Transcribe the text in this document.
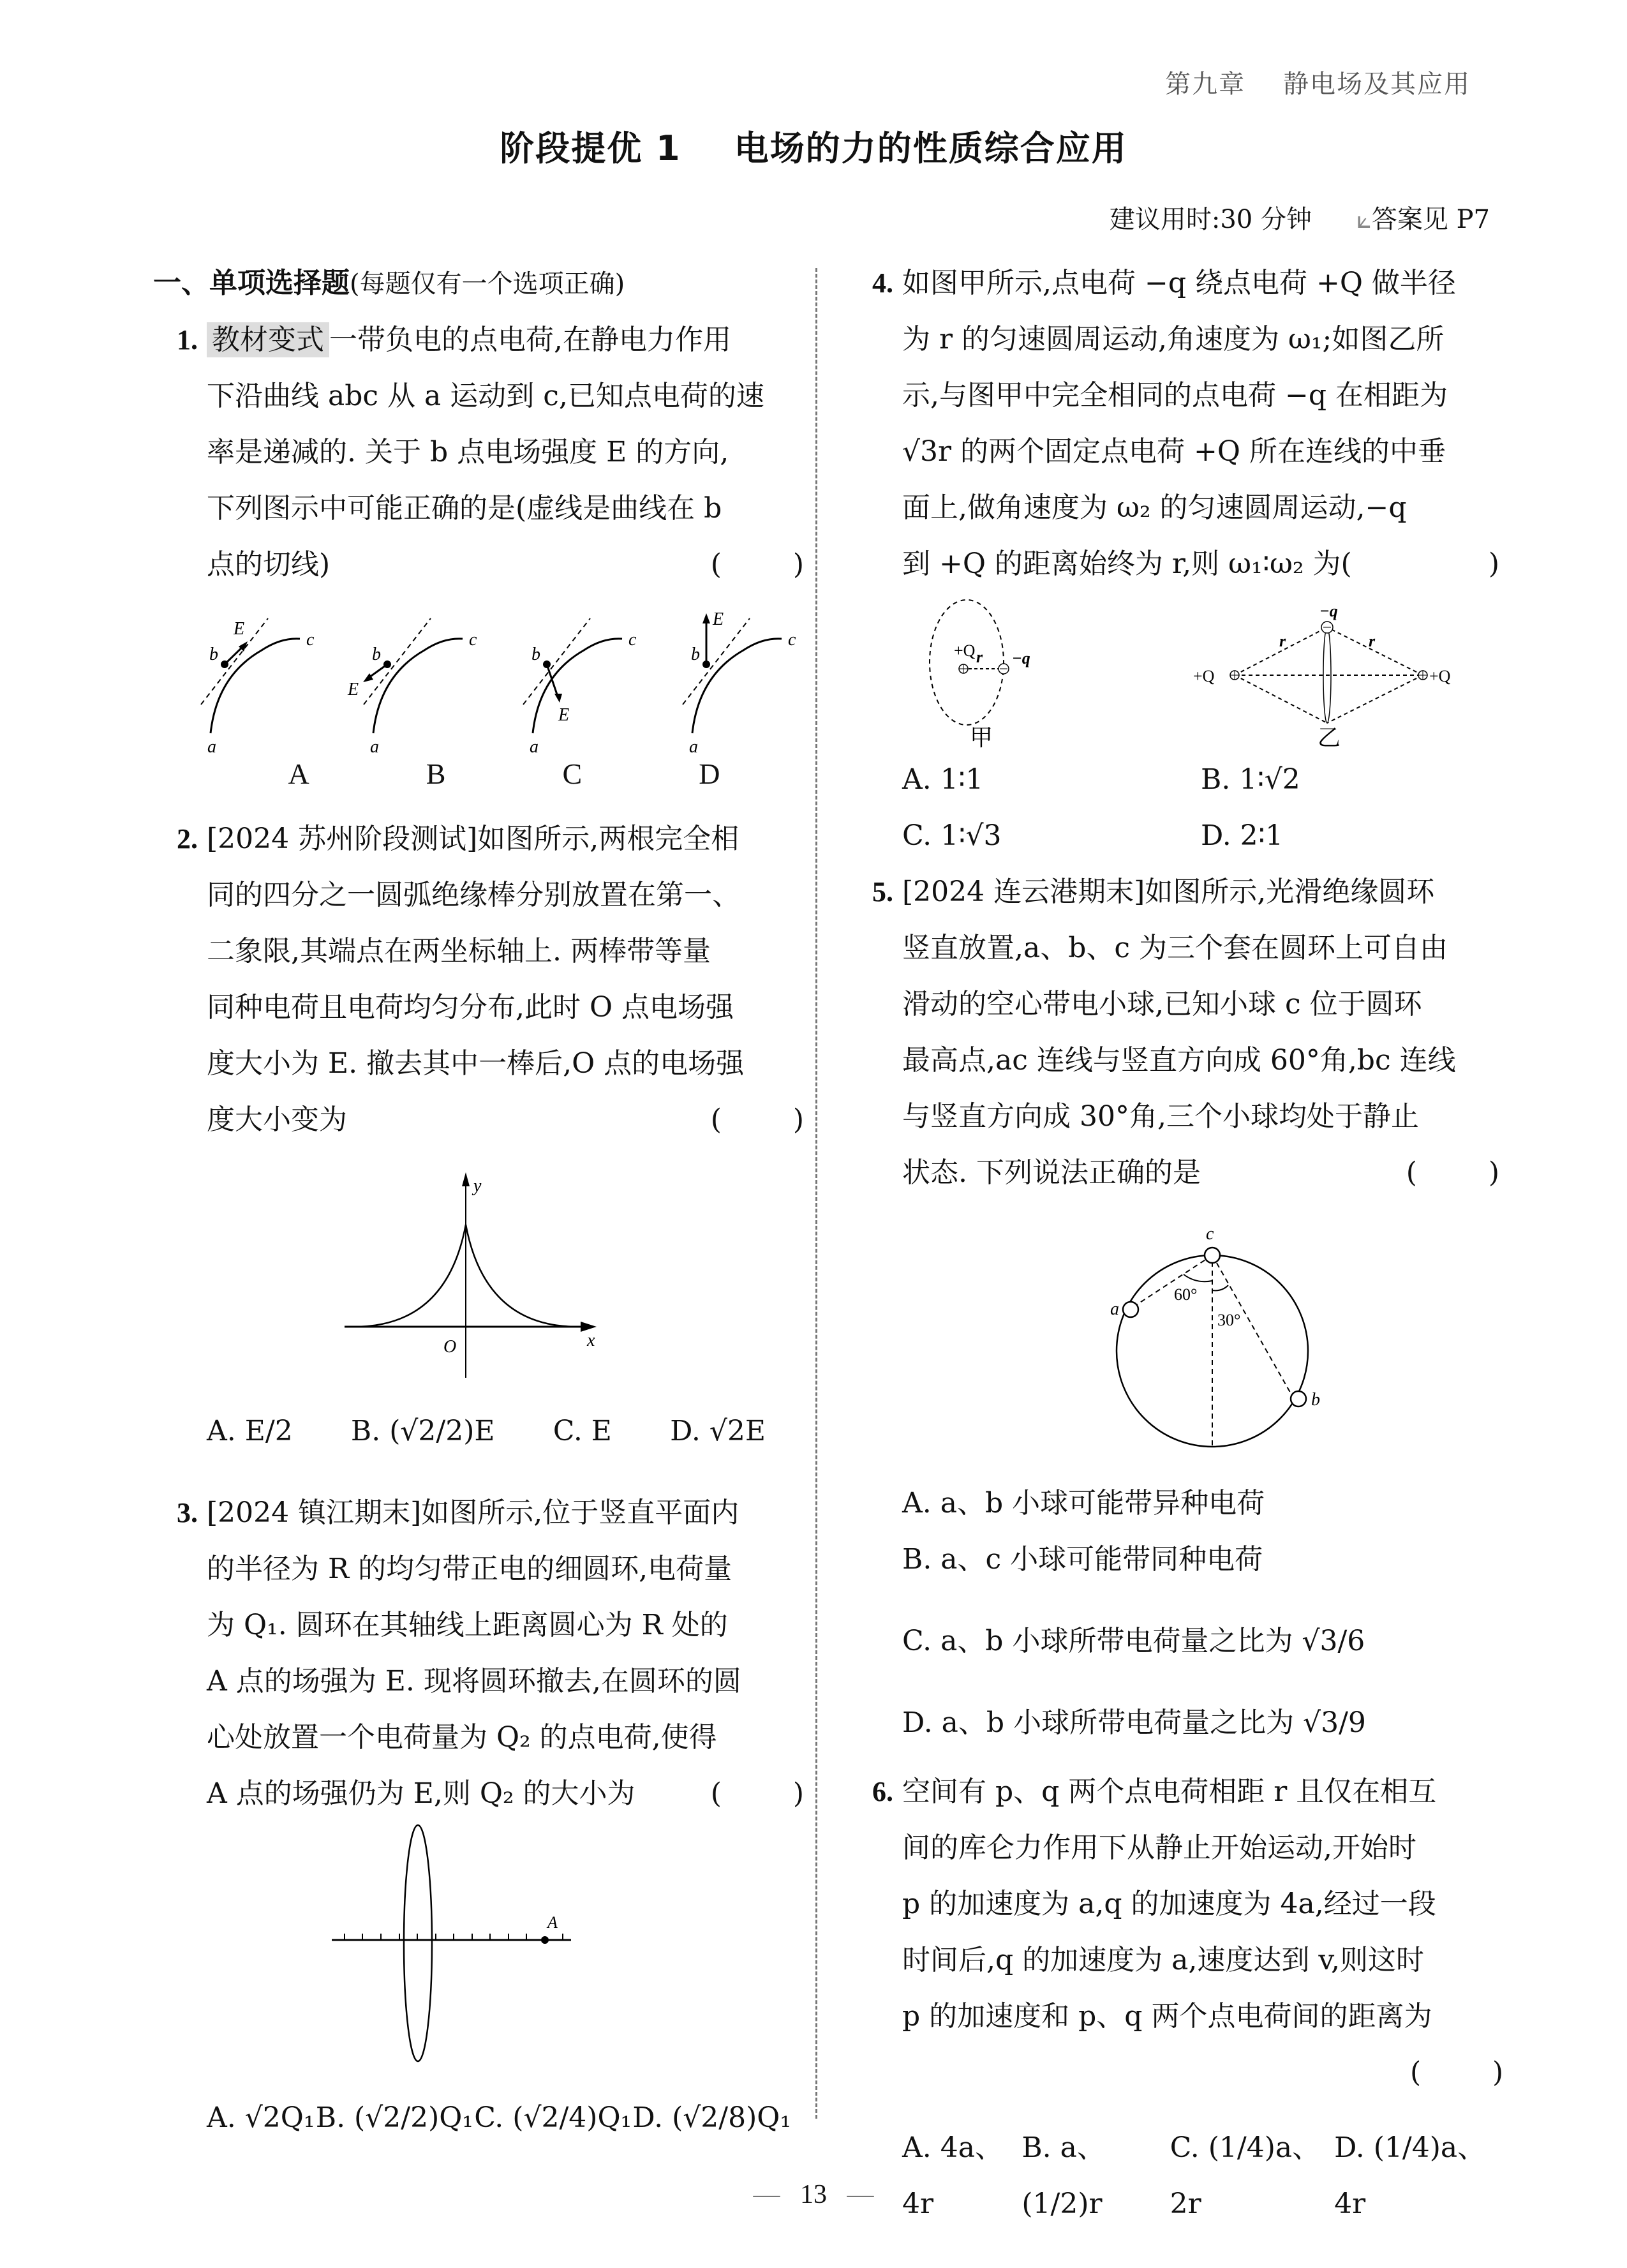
第九章    静电场及其应用
阶段提优 1    电场的力的性质综合应用
建议用时:30 分钟 ⟀答案见 P7
一、单项选择题(每题仅有一个选项正确)
1. 教材变式 一带负电的点电荷,在静电力作用

下沿曲线 abc 从 a 运动到 c,已知点电荷的速

率是递减的. 关于 b 点电场强度 E 的方向,

下列图示中可能正确的是(虚线是曲线在 b

点的切线)	(        )

b
E
c
a
b
E
c
a
b
E
c
a
b
E
c
a
A	B	C	D
2. [2024 苏州阶段测试]如图所示,两根完全相

同的四分之一圆弧绝缘棒分别放置在第一、

二象限,其端点在两坐标轴上. 两棒带等量

同种电荷且电荷均匀分布,此时 O 点电场强

度大小为 E. 撤去其中一棒后,O 点的电场强

度大小变为	(        )

y
x
O
A. E/2 B. (√2/2)E C. E D. √2E
3. [2024 镇江期末]如图所示,位于竖直平面内

的半径为 R 的均匀带正电的细圆环,电荷量

为 Q₁. 圆环在其轴线上距离圆心为 R 处的

A 点的场强为 E. 现将圆环撤去,在圆环的圆

心处放置一个电荷量为 Q₂ 的点电荷,使得

A 点的场强仍为 E,则 Q₂ 的大小为	(        )

A
A. √2Q₁ B. (√2/2)Q₁ C. (√2/4)Q₁ D. (√2/8)Q₁
4. 如图甲所示,点电荷 −q 绕点电荷 +Q 做半径

为 r 的匀速圆周运动,角速度为 ω₁;如图乙所

示,与图甲中完全相同的点电荷 −q 在相距为

√3r 的两个固定点电荷 +Q 所在连线的中垂

面上,做角速度为 ω₂ 的匀速圆周运动,−q

到 +Q 的距离始终为 r,则 ω₁∶ω₂ 为(	)

+Q r −q
甲
+Q	+Q
−q
r	r
乙
A. 1∶1	B. 1∶√2
C. 1∶√3	D. 2∶1
5. [2024 连云港期末]如图所示,光滑绝缘圆环

竖直放置,a、b、c 为三个套在圆环上可自由

滑动的空心带电小球,已知小球 c 位于圆环

最高点,ac 连线与竖直方向成 60°角,bc 连线

与竖直方向成 30°角,三个小球均处于静止

状态. 下列说法正确的是	(        )

c
a
b
60°
30°
A. a、b 小球可能带异种电荷
B. a、c 小球可能带同种电荷
C. a、b 小球所带电荷量之比为 √3/6
D. a、b 小球所带电荷量之比为 √3/9
6. 空间有 p、q 两个点电荷相距 r 且仅在相互

间的库仑力作用下从静止开始运动,开始时

p 的加速度为 a,q 的加速度为 4a,经过一段

时间后,q 的加速度为 a,速度达到 v,则这时

p 的加速度和 p、q 两个点电荷间的距离为

(        )

A. 4a、4r
B. a、(1/2)r
C. (1/4)a、2r
D. (1/4)a、4r
— 13 —
